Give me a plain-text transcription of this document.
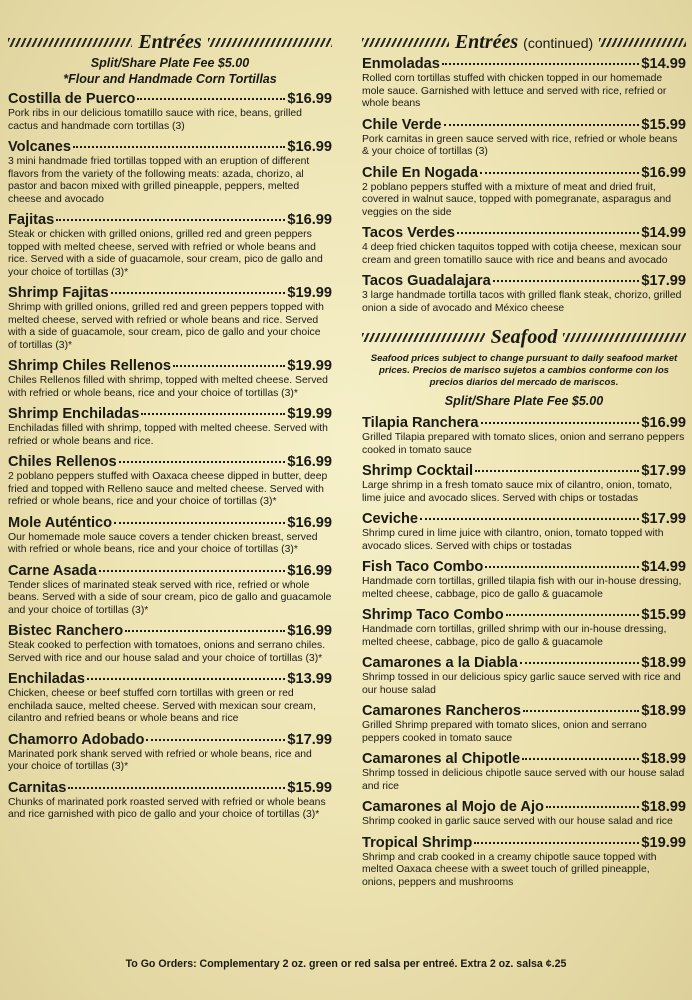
Entrées
Split/Share Plate Fee $5.00
*Flour and Handmade Corn Tortillas
Costilla de Puerco	$16.99
Pork ribs in our delicious tomatillo sauce with rice, beans, grilled cactus and handmade corn tortillas (3)
Volcanes	$16.99
3 mini handmade fried tortillas topped with an eruption of different flavors from the variety of the following meats: azada, chorizo, al pastor and bacon mixed with grilled pineapple, peppers, melted cheese and avocado
Fajitas	$16.99
Steak or chicken with grilled onions, grilled red and green peppers topped with melted cheese, served with refried or whole beans and rice. Served with a side of guacamole, sour cream, pico de gallo and your choice of tortillas (3)*
Shrimp Fajitas	$19.99
Shrimp with grilled onions, grilled red and green peppers topped with melted cheese, served with refried or whole beans and rice. Served with a side of guacamole, sour cream, pico de gallo and your choice of tortillas (3)*
Shrimp Chiles Rellenos	$19.99
Chiles Rellenos filled with shrimp, topped with melted cheese. Served with refried or whole beans, rice and your choice of tortillas (3)*
Shrimp Enchiladas	$19.99
Enchiladas filled with shrimp, topped with melted cheese. Served with refried or whole beans and rice.
Chiles Rellenos	$16.99
2 poblano peppers stuffed with Oaxaca cheese dipped in butter, deep fried and topped with Relleno sauce and melted cheese. Served with refried or whole beans, rice and your choice of tortillas (3)*
Mole Auténtico	$16.99
Our homemade mole sauce covers a tender chicken breast, served with refried or whole beans, rice and your choice of tortillas (3)*
Carne Asada	$16.99
Tender slices of marinated steak served with rice, refried or whole beans. Served with a side of sour cream, pico de gallo and guacamole and your choice of tortillas (3)*
Bistec Ranchero	$16.99
Steak cooked to perfection with tomatoes, onions and serrano chiles. Served with rice and our house salad and your choice of tortillas (3)*
Enchiladas	$13.99
Chicken, cheese or beef stuffed corn tortillas with green or red enchilada sauce, melted cheese. Served with mexican sour cream, cilantro and refried beans or whole beans and rice
Chamorro Adobado	$17.99
Marinated pork shank served with refried or whole beans, rice and your choice of tortillas (3)*
Carnitas	$15.99
Chunks of marinated pork roasted served with refried or whole beans and rice garnished with pico de gallo and your choice of tortillas (3)*
Entrées (continued)
Enmoladas	$14.99
Rolled corn tortillas stuffed with chicken topped in our homemade mole sauce. Garnished with lettuce and served with rice, refried or whole beans
Chile Verde	$15.99
Pork carnitas in green sauce served with rice, refried or whole beans & your choice of tortillas (3)
Chile En Nogada	$16.99
2 poblano peppers stuffed with a mixture of meat and dried fruit, covered in walnut sauce, topped with pomegranate, asparagus and veggies on the side
Tacos Verdes	$14.99
4 deep fried chicken taquitos topped with cotija cheese, mexican sour cream and green tomatillo sauce with rice and beans and avocado
Tacos Guadalajara	$17.99
3 large handmade tortilla tacos with grilled flank steak, chorizo, grilled onion a side of avocado and México cheese
Seafood
Seafood prices subject to change pursuant to daily seafood market prices. Precios de marisco sujetos a cambios conforme con los precios diarios del mercado de mariscos.
Split/Share Plate Fee $5.00
Tilapia Ranchera	$16.99
Grilled Tilapia prepared with tomato slices, onion and serrano peppers cooked in tomato sauce
Shrimp Cocktail	$17.99
Large shrimp in a fresh tomato sauce mix of cilantro, onion, tomato, lime juice and avocado slices. Served with chips or tostadas
Ceviche	$17.99
Shrimp cured in lime juice with cilantro, onion, tomato topped with avocado slices. Served with chips or tostadas
Fish Taco Combo	$14.99
Handmade corn tortillas, grilled tilapia fish with our in-house dressing, melted cheese, cabbage, pico de gallo & guacamole
Shrimp Taco Combo	$15.99
Handmade corn tortillas, grilled shrimp with our in-house dressing, melted cheese, cabbage, pico de gallo & guacamole
Camarones a la Diabla	$18.99
Shrimp tossed in our delicious spicy garlic sauce served with rice and our house salad
Camarones Rancheros	$18.99
Grilled Shrimp prepared with tomato slices, onion and serrano peppers cooked in tomato sauce
Camarones al Chipotle	$18.99
Shrimp tossed in delicious chipotle sauce served with our house salad and rice
Camarones al Mojo de Ajo	$18.99
Shrimp cooked in garlic sauce served with our house salad and rice
Tropical Shrimp	$19.99
Shrimp and crab cooked in a creamy chipotle sauce topped with melted Oaxaca cheese with a sweet touch of grilled pineapple, onions, peppers and mushrooms
To Go Orders: Complementary 2 oz. green or red salsa per entreé. Extra 2 oz. salsa ¢.25
